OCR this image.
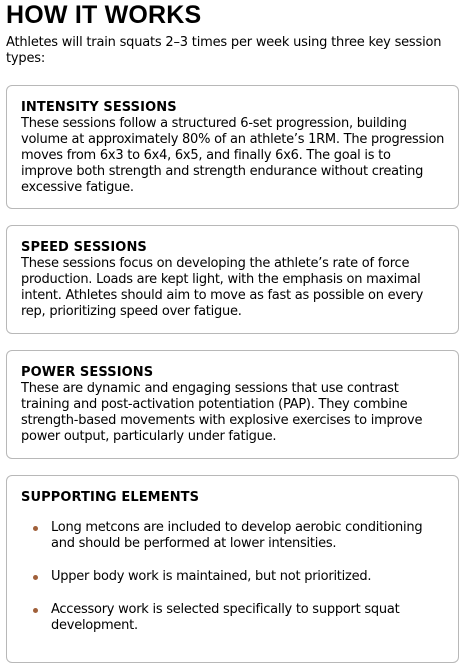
HOW IT WORKS

Athletes will train squats 2–3 times per week using three key session types:

INTENSITY SESSIONS

These sessions follow a structured 6-set progression, building volume at approximately 80% of an athlete’s 1RM. The progression moves from 6x3 to 6x4, 6x5, and finally 6x6. The goal is to improve both strength and strength endurance without creating excessive fatigue.

SPEED SESSIONS

These sessions focus on developing the athlete’s rate of force production. Loads are kept light, with the emphasis on maximal intent. Athletes should aim to move as fast as possible on every rep, prioritizing speed over fatigue.

POWER SESSIONS

These are dynamic and engaging sessions that use contrast training and post-activation potentiation (PAP). They combine strength-based movements with explosive exercises to improve power output, particularly under fatigue.

SUPPORTING ELEMENTS
Long metcons are included to develop aerobic conditioning and should be performed at lower intensities.
Upper body work is maintained, but not prioritized.
Accessory work is selected specifically to support squat development.
